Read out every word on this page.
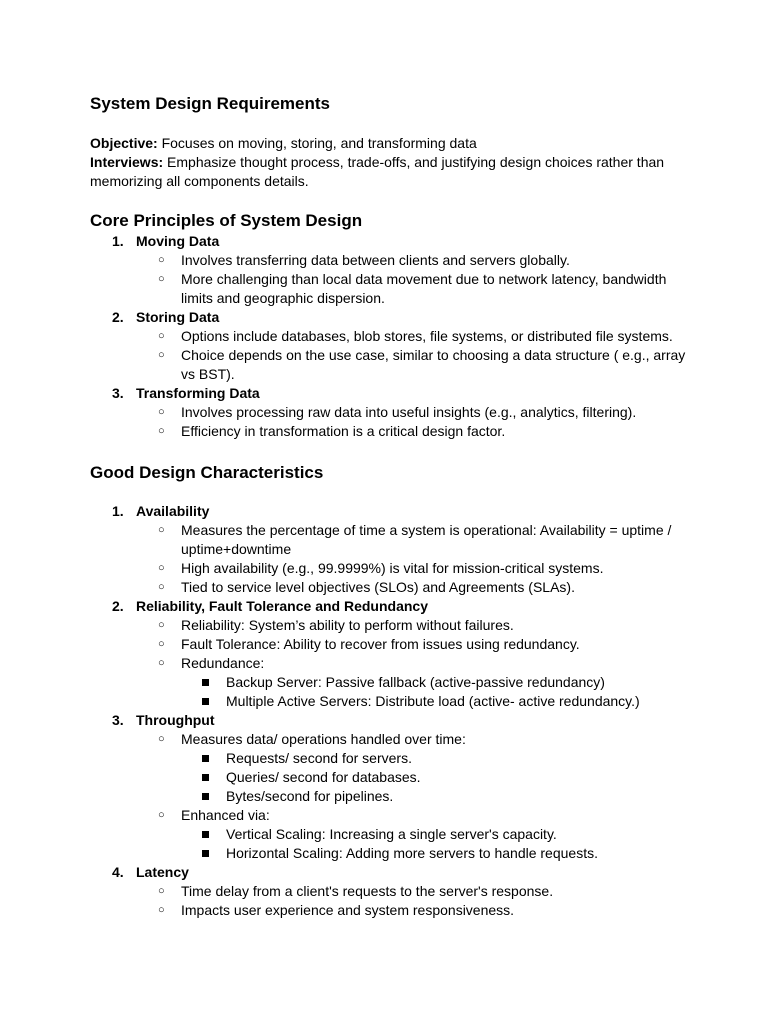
System Design Requirements

Objective: Focuses on moving, storing, and transforming data

Interviews: Emphasize thought process, trade-offs, and justifying design choices rather than memorizing all components details.

Core Principles of System Design
1. Moving Data
○ Involves transferring data between clients and servers globally.
○ More challenging than local data movement due to network latency, bandwidth limits and geographic dispersion.
2. Storing Data
○ Options include databases, blob stores, file systems, or distributed file systems.
○ Choice depends on the use case, similar to choosing a data structure ( e.g., array vs BST).
3. Transforming Data
○ Involves processing raw data into useful insights (e.g., analytics, filtering).
○ Efficiency in transformation is a critical design factor.
Good Design Characteristics
1. Availability
○ Measures the percentage of time a system is operational: Availability = uptime / uptime+downtime
○ High availability (e.g., 99.9999%) is vital for mission-critical systems.
○ Tied to service level objectives (SLOs) and Agreements (SLAs).
2. Reliability, Fault Tolerance and Redundancy
○ Reliability: System’s ability to perform without failures.
○ Fault Tolerance: Ability to recover from issues using redundancy.
○ Redundance:
Backup Server: Passive fallback (active-passive redundancy)
Multiple Active Servers: Distribute load (active- active redundancy.)
3. Throughput
○ Measures data/ operations handled over time:
Requests/ second for servers.
Queries/ second for databases.
Bytes/second for pipelines.
○ Enhanced via:
Vertical Scaling: Increasing a single server's capacity.
Horizontal Scaling: Adding more servers to handle requests.
4. Latency
○ Time delay from a client's requests to the server's response.
○ Impacts user experience and system responsiveness.
